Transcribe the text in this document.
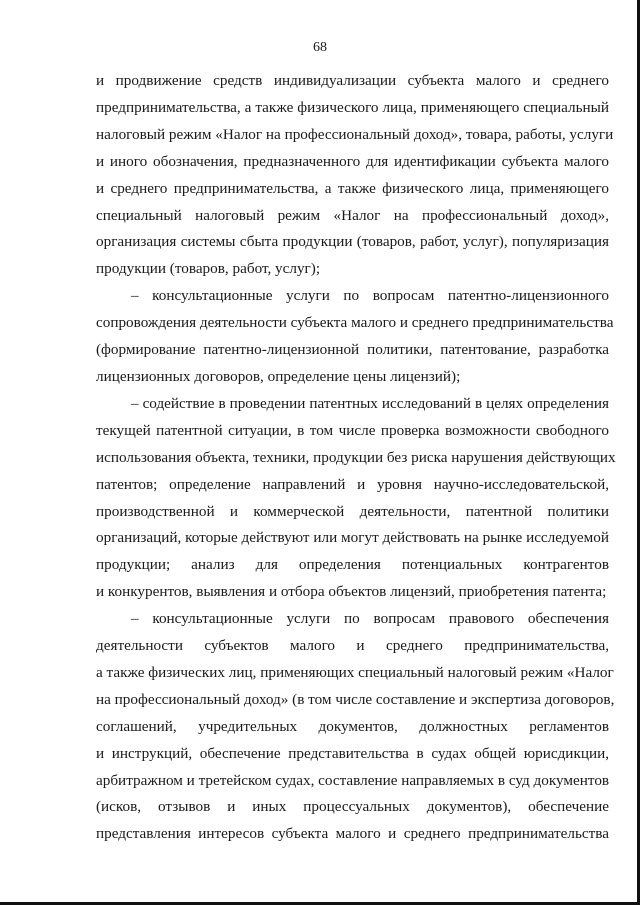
68

и продвижение средств индивидуализации субъекта малого и среднего
предпринимательства, а также физического лица, применяющего специальный
налоговый режим «Налог на профессиональный доход», товара, работы, услуги
и иного обозначения, предназначенного для идентификации субъекта малого
и среднего предпринимательства, а также физического лица, применяющего
специальный налоговый режим «Налог на профессиональный доход»,
организация системы сбыта продукции (товаров, работ, услуг), популяризация
продукции (товаров, работ, услуг);

– консультационные услуги по вопросам патентно-лицензионного
сопровождения деятельности субъекта малого и среднего предпринимательства
(формирование патентно-лицензионной политики, патентование, разработка
лицензионных договоров, определение цены лицензий);

– содействие в проведении патентных исследований в целях определения
текущей патентной ситуации, в том числе проверка возможности свободного
использования объекта, техники, продукции без риска нарушения действующих
патентов; определение направлений и уровня научно-исследовательской,
производственной и коммерческой деятельности, патентной политики
организаций, которые действуют или могут действовать на рынке исследуемой
продукции; анализ для определения потенциальных контрагентов
и конкурентов, выявления и отбора объектов лицензий, приобретения патента;

– консультационные услуги по вопросам правового обеспечения
деятельности субъектов малого и среднего предпринимательства,
а также физических лиц, применяющих специальный налоговый режим «Налог
на профессиональный доход» (в том числе составление и экспертиза договоров,
соглашений, учредительных документов, должностных регламентов
и инструкций, обеспечение представительства в судах общей юрисдикции,
арбитражном и третейском судах, составление направляемых в суд документов
(исков, отзывов и иных процессуальных документов), обеспечение
представления интересов субъекта малого и среднего предпринимательства
